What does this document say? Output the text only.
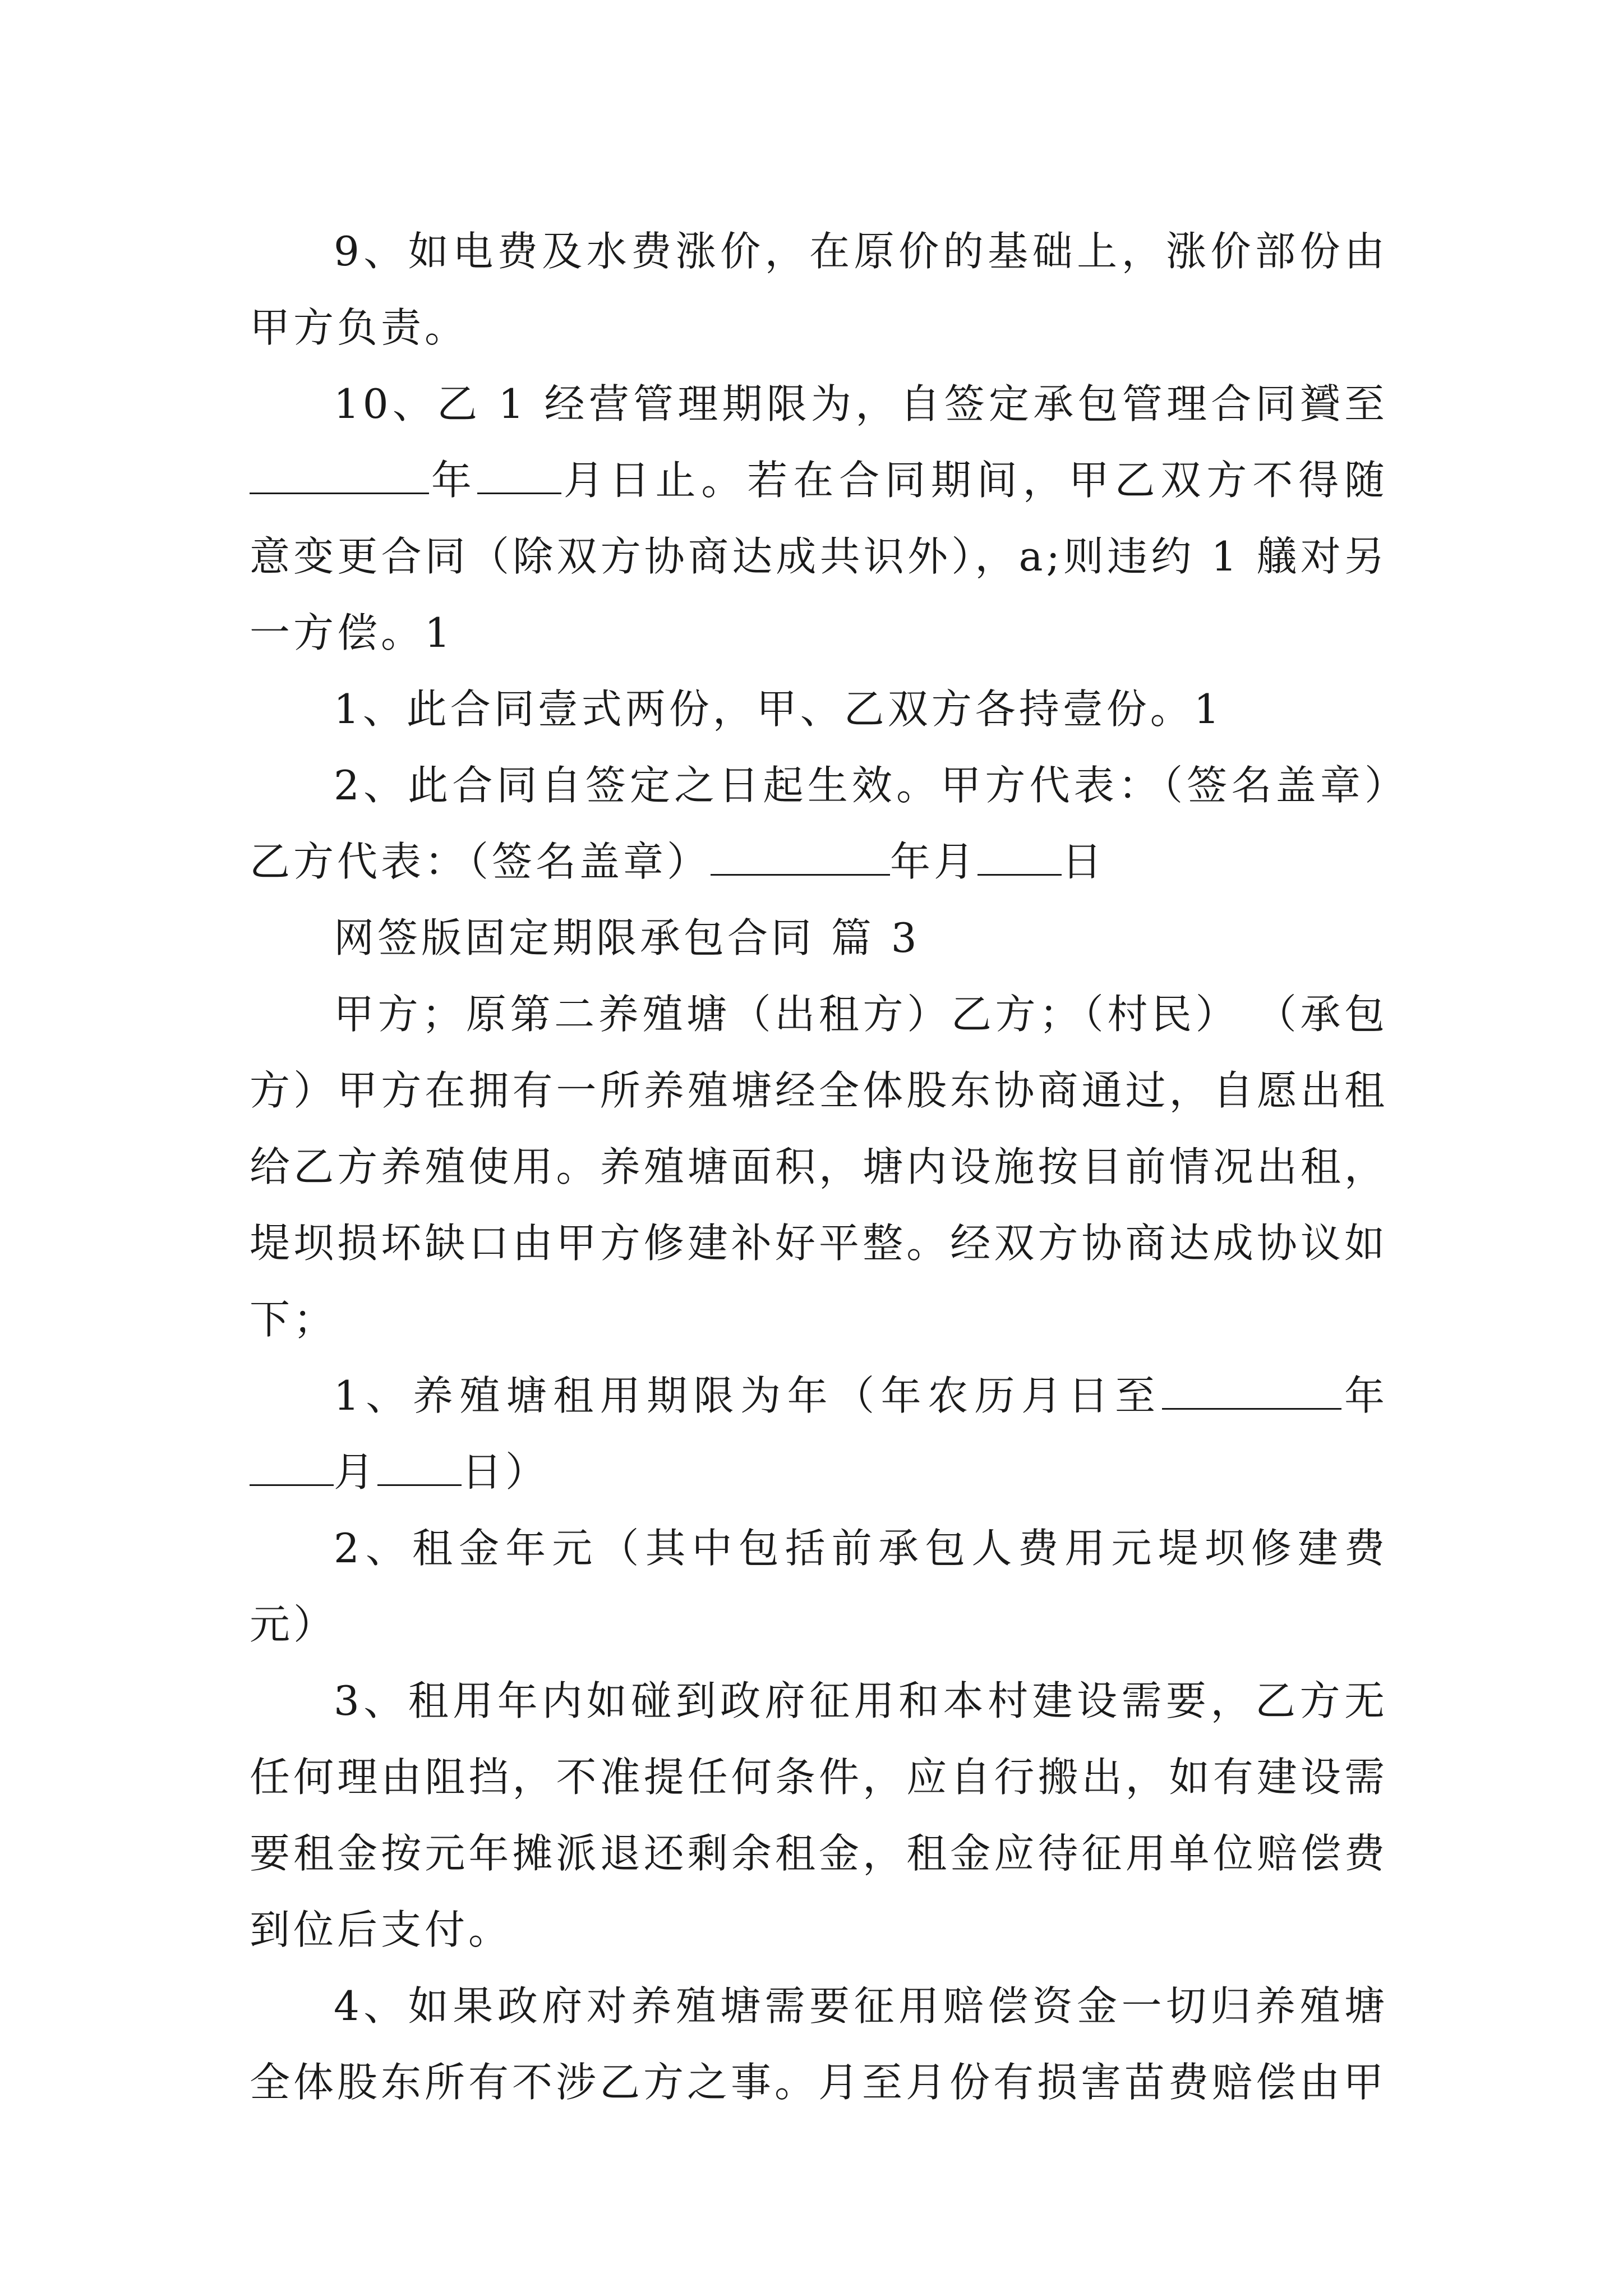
9、如电费及水费涨价，在原价的基础上，涨价部份由甲方负责。

10、乙 1 经营管理期限为，自签定承包管理合同贇至年 月日止。若在合同期间，甲乙双方不得随意变更合同（除双方协商达成共识外），a;则违约 1 艤对另一方偿。1

1、此合同壹式两份，甲、乙双方各持壹份。1

2、此合同自签定之日起生效。甲方代表：（签名盖章）乙方代表：（签名盖章）	年月 日

网签版固定期限承包合同 篇 3

甲方；原第二养殖塘（出租方）乙方；（村民） （承包方）甲方在拥有一所养殖塘经全体股东协商通过，自愿出租给乙方养殖使用。养殖塘面积，塘内设施按目前情况出租，堤坝损坏缺口由甲方修建补好平整。经双方协商达成协议如下；

1、养殖塘租用期限为年（年农历月日至	年月 日）

2、租金年元（其中包括前承包人费用元堤坝修建费元）

3、租用年内如碰到政府征用和本村建设需要，乙方无任何理由阻挡，不准提任何条件，应自行搬出，如有建设需要租金按元年摊派退还剩余租金，租金应待征用单位赔偿费到位后支付。

4、如果政府对养殖塘需要征用赔偿资金一切归养殖塘全体股东所有不涉乙方之事。月至月份有损害苗费赔偿由甲
